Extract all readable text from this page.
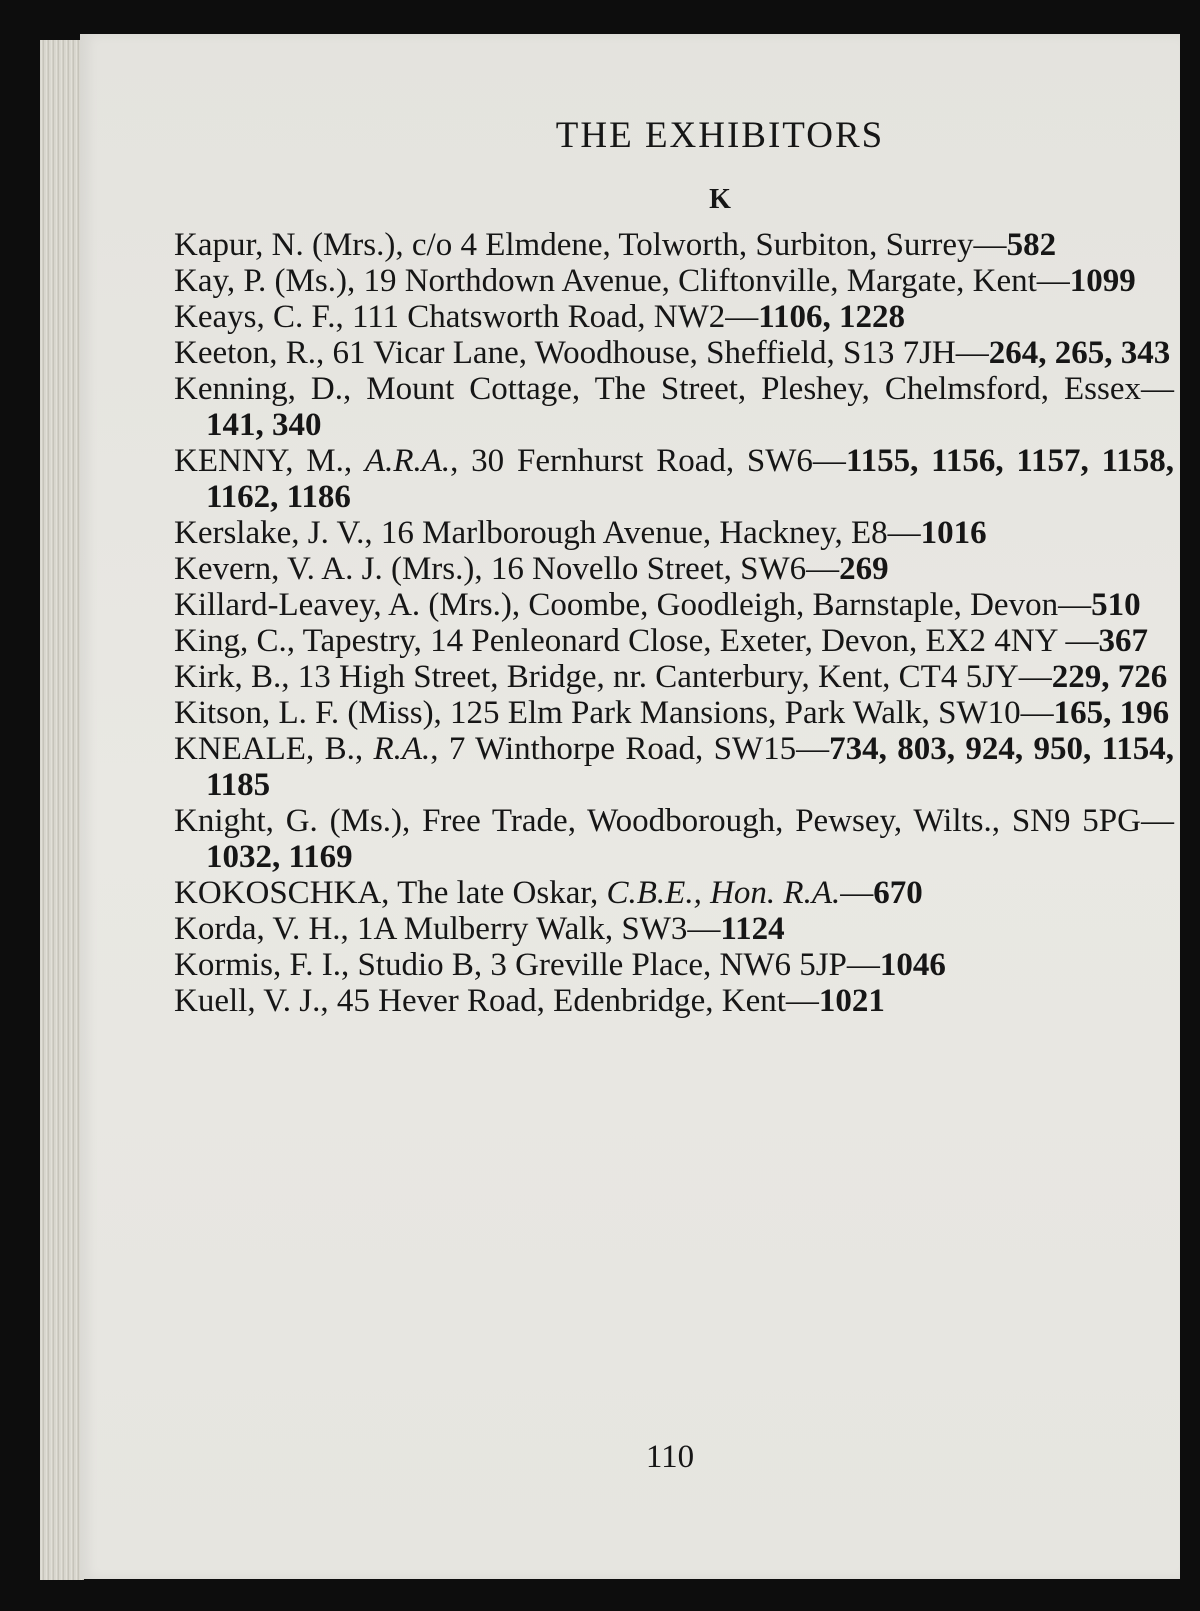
THE EXHIBITORS
K
Kapur, N. (Mrs.), c/o 4 Elmdene, Tolworth, Surbiton, Surrey—582
Kay, P. (Ms.), 19 Northdown Avenue, Cliftonville, Margate, Kent—1099
Keays, C. F., 111 Chatsworth Road, NW2—1106, 1228
Keeton, R., 61 Vicar Lane, Woodhouse, Sheffield, S13 7JH—264, 265, 343
Kenning, D., Mount Cottage, The Street, Pleshey, Chelmsford, Essex—141, 340
KENNY, M., A.R.A., 30 Fernhurst Road, SW6—1155, 1156, 1157, 1158, 1162, 1186
Kerslake, J. V., 16 Marlborough Avenue, Hackney, E8—1016
Kevern, V. A. J. (Mrs.), 16 Novello Street, SW6—269
Killard-Leavey, A. (Mrs.), Coombe, Goodleigh, Barnstaple, Devon—510
King, C., Tapestry, 14 Penleonard Close, Exeter, Devon, EX2 4NY —367
Kirk, B., 13 High Street, Bridge, nr. Canterbury, Kent, CT4 5JY—229, 726
Kitson, L. F. (Miss), 125 Elm Park Mansions, Park Walk, SW10—165, 196
KNEALE, B., R.A., 7 Winthorpe Road, SW15—734, 803, 924, 950, 1154, 1185
Knight, G. (Ms.), Free Trade, Woodborough, Pewsey, Wilts., SN9 5PG—1032, 1169
KOKOSCHKA, The late Oskar, C.B.E., Hon. R.A.—670
Korda, V. H., 1A Mulberry Walk, SW3—1124
Kormis, F. I., Studio B, 3 Greville Place, NW6 5JP—1046
Kuell, V. J., 45 Hever Road, Edenbridge, Kent—1021
110
